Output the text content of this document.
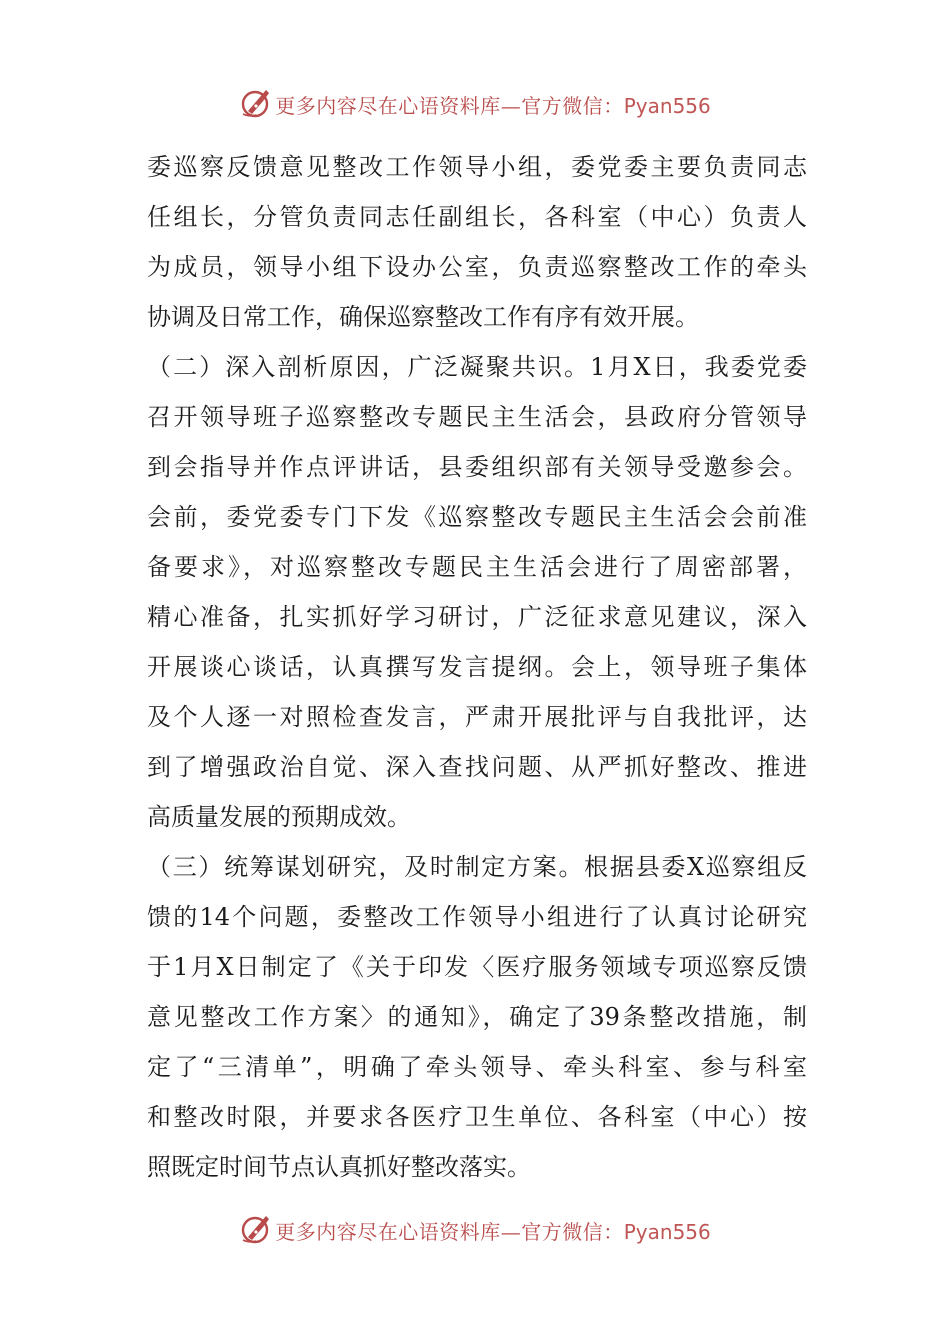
更多内容尽在心语资料库—官方微信：Pyan556
委巡察反馈意见整改工作领导小组，委党委主要负责同志
任组长，分管负责同志任副组长，各科室（中心）负责人
为成员，领导小组下设办公室，负责巡察整改工作的牵头
协调及日常工作，确保巡察整改工作有序有效开展。
（二）深入剖析原因，广泛凝聚共识。1月X日，我委党委
召开领导班子巡察整改专题民主生活会，县政府分管领导
到会指导并作点评讲话，县委组织部有关领导受邀参会。
会前，委党委专门下发《巡察整改专题民主生活会会前准
备要求》，对巡察整改专题民主生活会进行了周密部署，
精心准备，扎实抓好学习研讨，广泛征求意见建议，深入
开展谈心谈话，认真撰写发言提纲。会上，领导班子集体
及个人逐一对照检查发言，严肃开展批评与自我批评，达
到了增强政治自觉、深入查找问题、从严抓好整改、推进
高质量发展的预期成效。
（三）统筹谋划研究，及时制定方案。根据县委X巡察组反
馈的14个问题，委整改工作领导小组进行了认真讨论研究
于1月X日制定了《关于印发〈医疗服务领域专项巡察反馈
意见整改工作方案〉的通知》，确定了39条整改措施，制
定了“三清单”，明确了牵头领导、牵头科室、参与科室
和整改时限，并要求各医疗卫生单位、各科室（中心）按
照既定时间节点认真抓好整改落实。
更多内容尽在心语资料库—官方微信：Pyan556
